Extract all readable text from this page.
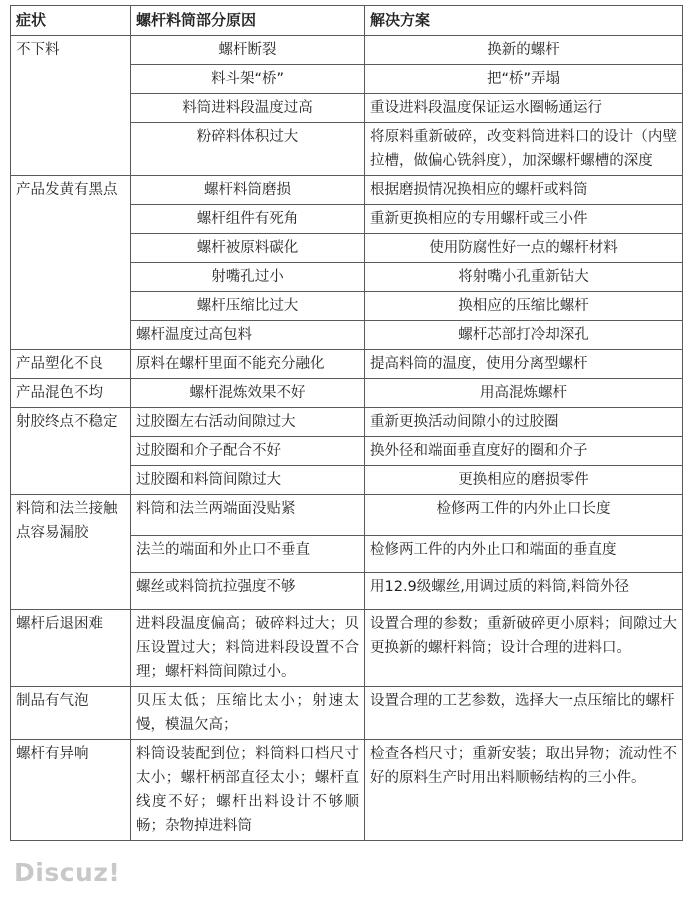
症状	螺杆料筒部分原因	解决方案
不下料	螺杆断裂	换新的螺杆
	料斗架“桥”	把“桥”弄塌
	料筒进料段温度过高	重设进料段温度保证运水圈畅通运行
	粉碎料体积过大	将原料重新破碎，改变料筒进料口的设计（内壁拉槽，做偏心铣斜度），加深螺杆螺槽的深度
产品发黄有黑点	螺杆料筒磨损	根据磨损情况换相应的螺杆或料筒
	螺杆组件有死角	重新更换相应的专用螺杆或三小件
	螺杆被原料碳化	使用防腐性好一点的螺杆材料
	射嘴孔过小	将射嘴小孔重新钻大
	螺杆压缩比过大	换相应的压缩比螺杆
	螺杆温度过高包料	螺杆芯部打冷却深孔
产品塑化不良	原料在螺杆里面不能充分融化	提高料筒的温度，使用分离型螺杆
产品混色不均	螺杆混炼效果不好	用高混炼螺杆
射胶终点不稳定	过胶圈左右活动间隙过大	重新更换活动间隙小的过胶圈
	过胶圈和介子配合不好	换外径和端面垂直度好的圈和介子
	过胶圈和料筒间隙过大	更换相应的磨损零件
料筒和法兰接触点容易漏胶	料筒和法兰两端面没贴紧	检修两工件的内外止口长度
	法兰的端面和外止口不垂直	检修两工件的内外止口和端面的垂直度
	螺丝或料筒抗拉强度不够	用12.9级螺丝,用调过质的料筒,料筒外径
螺杆后退困难	进料段温度偏高；破碎料过大；贝压设置过大；料筒进料段设置不合理；螺杆料筒间隙过小。	设置合理的参数；重新破碎更小原料；间隙过大更换新的螺杆料筒；设计合理的进料口。
制品有气泡	贝压太低；压缩比太小；射速太慢，模温欠高；	设置合理的工艺参数，选择大一点压缩比的螺杆
螺杆有异响	料筒设装配到位；料筒料口档尺寸太小；螺杆柄部直径太小；螺杆直线度不好；螺杆出料设计不够顺畅；杂物掉进料筒	检查各档尺寸；重新安装；取出异物；流动性不好的原料生产时用出料顺畅结构的三小件。
Discuz!
